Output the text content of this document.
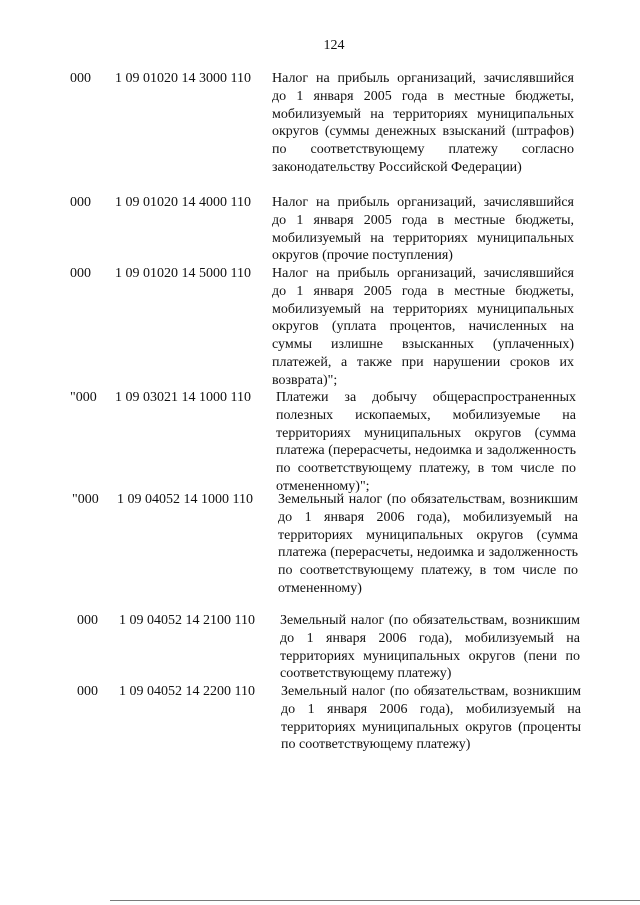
124
000 1 09 01020 14 3000 110 Налог на прибыль организаций, зачислявшийся до 1 января 2005 года в местные бюджеты, мобилизуемый на территориях муниципальных округов (суммы денежных взысканий (штрафов) по соответствующему платежу согласно законодательству Российской Федерации)
000 1 09 01020 14 4000 110 Налог на прибыль организаций, зачислявшийся до 1 января 2005 года в местные бюджеты, мобилизуемый на территориях муниципальных округов (прочие поступления)
000 1 09 01020 14 5000 110 Налог на прибыль организаций, зачислявшийся до 1 января 2005 года в местные бюджеты, мобилизуемый на территориях муниципальных округов (уплата процентов, начисленных на суммы излишне взысканных (уплаченных) платежей, а также при нарушении сроков их возврата)";
"000 1 09 03021 14 1000 110 Платежи за добычу общераспространенных полезных ископаемых, мобилизуемые на территориях муниципальных округов (сумма платежа (перерасчеты, недоимка и задолженность по соответствующему платежу, в том числе по отмененному)";
"000 1 09 04052 14 1000 110 Земельный налог (по обязательствам, возникшим до 1 января 2006 года), мобилизуемый на территориях муниципальных округов (сумма платежа (перерасчеты, недоимка и задолженность по соответствующему платежу, в том числе по отмененному)
000 1 09 04052 14 2100 110 Земельный налог (по обязательствам, возникшим до 1 января 2006 года), мобилизуемый на территориях муниципальных округов (пени по соответствующему платежу)
000 1 09 04052 14 2200 110 Земельный налог (по обязательствам, возникшим до 1 января 2006 года), мобилизуемый на территориях муниципальных округов (проценты по соответствующему платежу)
